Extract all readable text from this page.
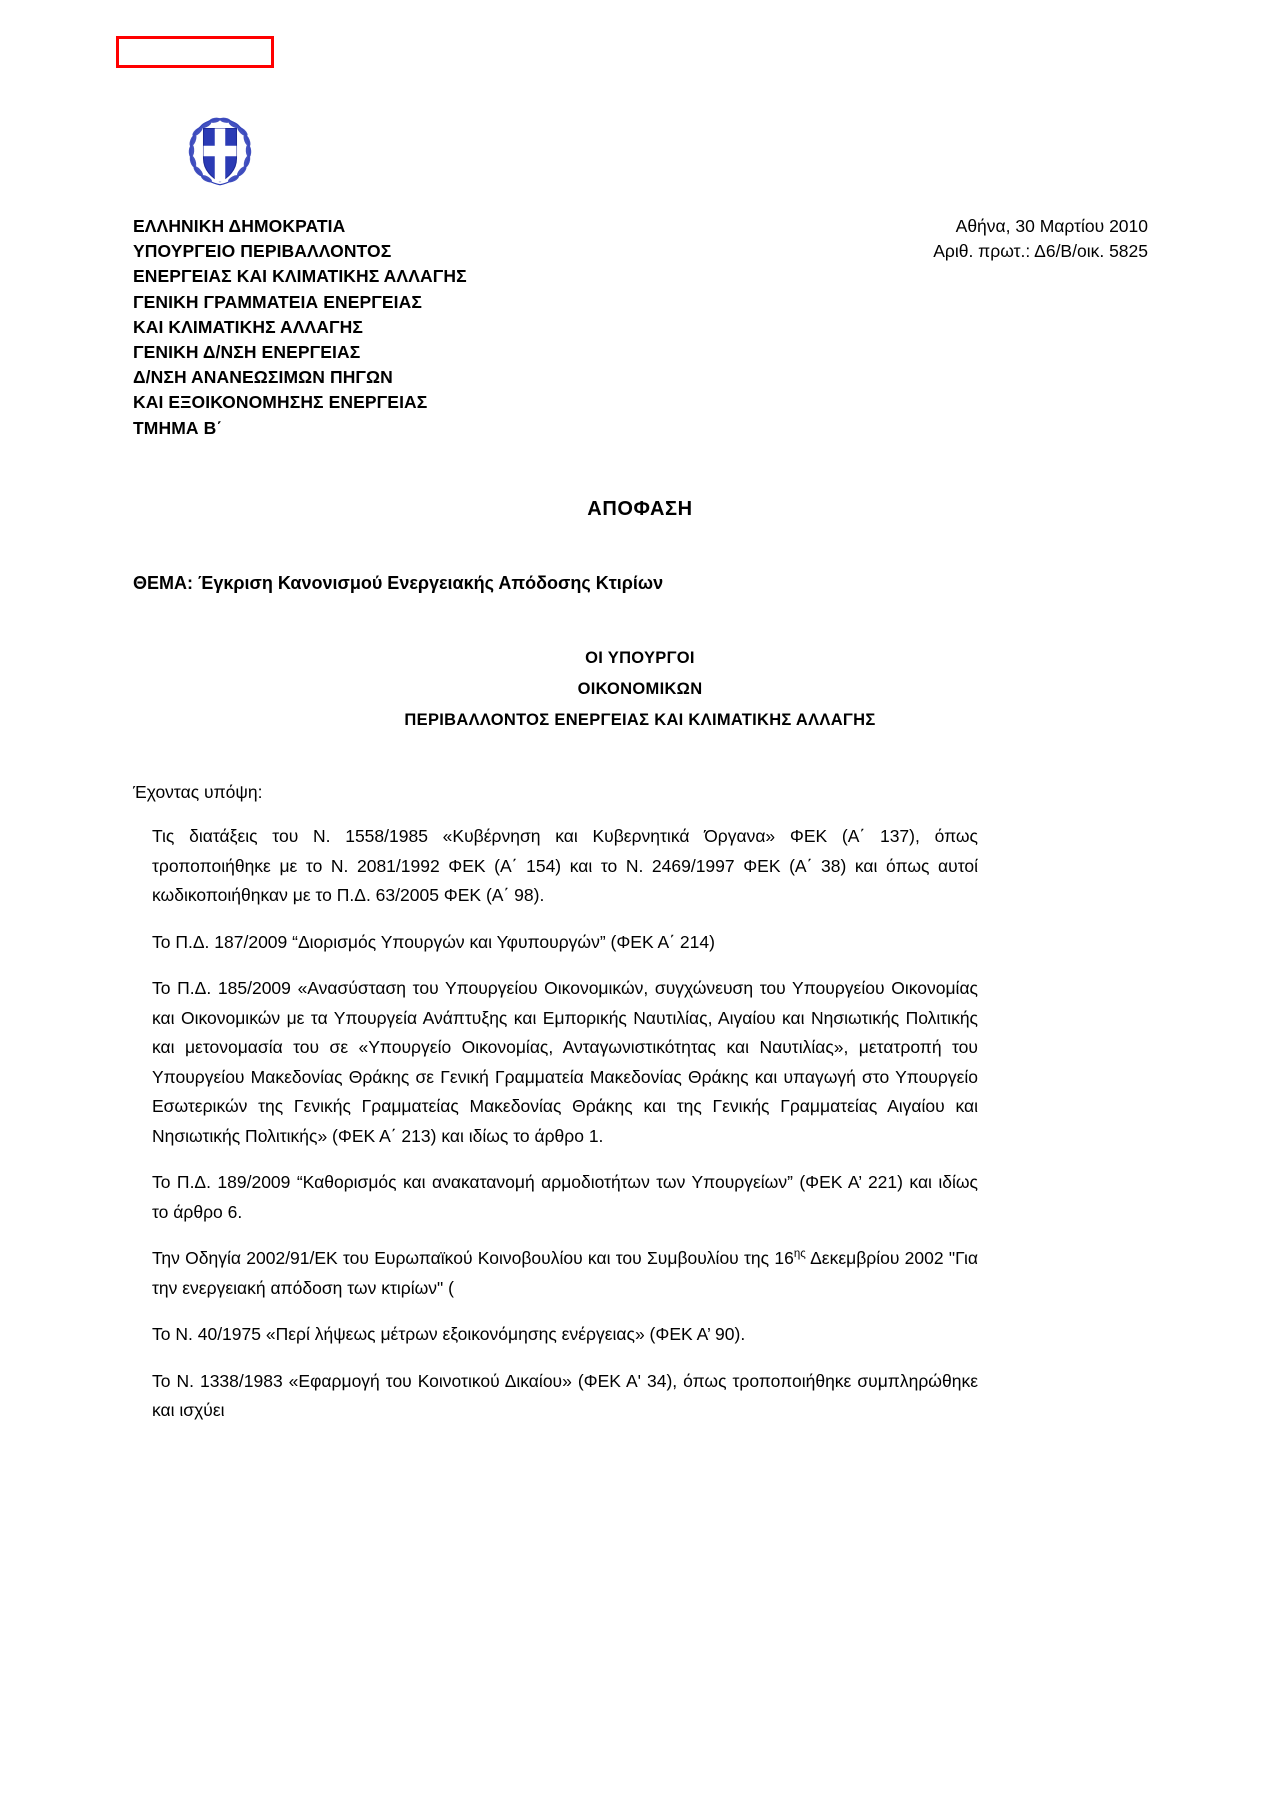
ΕΛΛΗΝΙΚΗ ΔΗΜΟΚΡΑΤΙΑ
ΥΠΟΥΡΓΕΙΟ ΠΕΡΙΒΑΛΛΟΝΤΟΣ
ΕΝΕΡΓΕΙΑΣ ΚΑΙ ΚΛΙΜΑΤΙΚΗΣ ΑΛΛΑΓΗΣ
ΓΕΝΙΚΗ ΓΡΑΜΜΑΤΕΙΑ ΕΝΕΡΓΕΙΑΣ
ΚΑΙ ΚΛΙΜΑΤΙΚΗΣ ΑΛΛΑΓΗΣ
ΓΕΝΙΚΗ Δ/ΝΣΗ ΕΝΕΡΓΕΙΑΣ
Δ/ΝΣΗ ΑΝΑΝΕΩΣΙΜΩΝ ΠΗΓΩΝ
ΚΑΙ ΕΞΟΙΚΟΝΟΜΗΣΗΣ ΕΝΕΡΓΕΙΑΣ
ΤΜΗΜΑ Β΄
Αθήνα, 30 Μαρτίου 2010
Αριθ. πρωτ.: Δ6/Β/οικ. 5825
ΑΠΟΦΑΣΗ
ΘΕΜΑ: Έγκριση Κανονισμού Ενεργειακής Απόδοσης Κτιρίων
ΟΙ ΥΠΟΥΡΓΟΙ
ΟΙΚΟΝΟΜΙΚΩΝ
ΠΕΡΙΒΑΛΛΟΝΤΟΣ ΕΝΕΡΓΕΙΑΣ ΚΑΙ ΚΛΙΜΑΤΙΚΗΣ ΑΛΛΑΓΗΣ
Έχοντας υπόψη:

Τις διατάξεις του Ν. 1558/1985 «Κυβέρνηση και Κυβερνητικά Όργανα» ΦΕΚ (Α΄ 137), όπως τροποποιήθηκε με το Ν. 2081/1992 ΦΕΚ (Α΄ 154) και το Ν. 2469/1997 ΦΕΚ (Α΄ 38) και όπως αυτοί κωδικοποιήθηκαν με το Π.Δ. 63/2005 ΦΕΚ (Α΄ 98).

Το Π.Δ. 187/2009 “Διορισμός Υπουργών και Υφυπουργών” (ΦΕΚ Α΄ 214)

Το Π.Δ. 185/2009 «Ανασύσταση του Υπουργείου Οικονομικών, συγχώνευση του Υπουργείου Οικονομίας και Οικονομικών με τα Υπουργεία Ανάπτυξης και Εμπορικής Ναυτιλίας, Αιγαίου και Νησιωτικής Πολιτικής και μετονομασία του σε «Υπουργείο Οικονομίας, Ανταγωνιστικότητας και Ναυτιλίας», μετατροπή του Υπουργείου Μακεδονίας Θράκης σε Γενική Γραμματεία Μακεδονίας Θράκης και υπαγωγή στο Υπουργείο Εσωτερικών της Γενικής Γραμματείας Μακεδονίας Θράκης και της Γενικής Γραμματείας Αιγαίου και Νησιωτικής Πολιτικής» (ΦΕΚ Α΄ 213) και ιδίως το άρθρο 1.

Το Π.Δ. 189/2009 “Καθορισμός και ανακατανομή αρμοδιοτήτων των Υπουργείων” (ΦΕΚ Α’ 221) και ιδίως το άρθρο 6.

Την Οδηγία 2002/91/ΕΚ του Ευρωπαϊκού Κοινοβουλίου και του Συμβουλίου της $16^{\eta\varsigma}$ Δεκεμβρίου 2002 "Για την ενεργειακή απόδοση των κτιρίων" (

Το Ν. 40/1975 «Περί λήψεως μέτρων εξοικονόμησης ενέργειας» (ΦΕΚ Α’ 90).

Το Ν. 1338/1983 «Εφαρμογή του Κοινοτικού Δικαίου» (ΦΕΚ Α' 34), όπως τροποποιήθηκε συμπληρώθηκε και ισχύει
